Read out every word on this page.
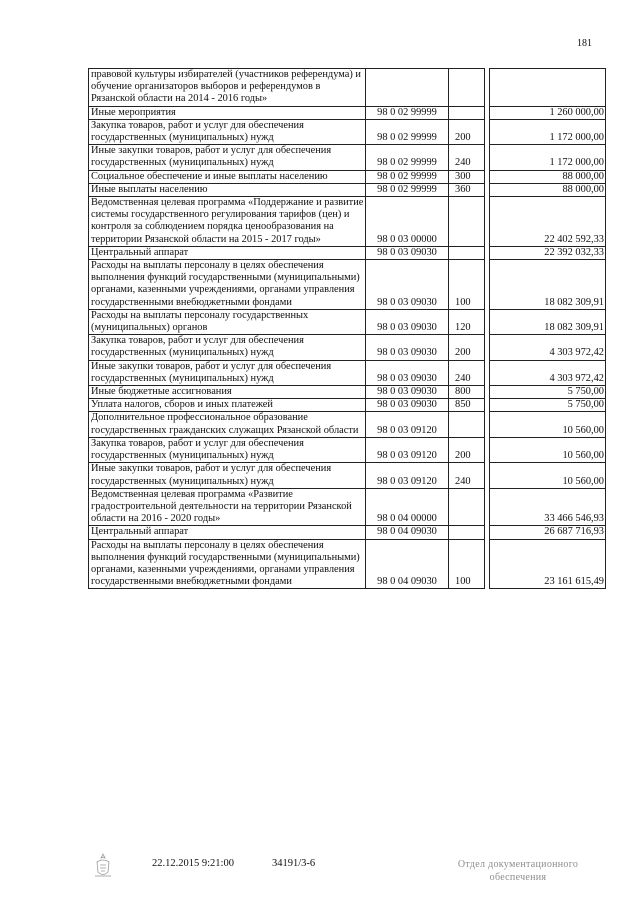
181
правовой культуры избирателей (участников референдума) и обучение организаторов выборов и референдумов в Рязанской области на 2014 - 2016 годы»				
Иные мероприятия	98 0 02 99999			1 260 000,00
Закупка товаров, работ и услуг для обеспечения государственных (муниципальных) нужд	98 0 02 99999	200		1 172 000,00
Иные закупки товаров, работ и услуг для обеспечения государственных (муниципальных) нужд	98 0 02 99999	240		1 172 000,00
Социальное обеспечение и иные выплаты населению	98 0 02 99999	300		88 000,00
Иные выплаты населению	98 0 02 99999	360		88 000,00
Ведомственная целевая программа «Поддержание и развитие системы государственного регулирования тарифов (цен) и контроля за соблюдением порядка ценообразования на территории Рязанской области на 2015 - 2017 годы»	98 0 03 00000			22 402 592,33
Центральный аппарат	98 0 03 09030			22 392 032,33
Расходы на выплаты персоналу в целях обеспечения выполнения функций государственными (муниципальными) органами, казенными учреждениями, органами управления государственными внебюджетными фондами	98 0 03 09030	100		18 082 309,91
Расходы на выплаты персоналу государственных (муниципальных) органов	98 0 03 09030	120		18 082 309,91
Закупка товаров, работ и услуг для обеспечения государственных (муниципальных) нужд	98 0 03 09030	200		4 303 972,42
Иные закупки товаров, работ и услуг для обеспечения государственных (муниципальных) нужд	98 0 03 09030	240		4 303 972,42
Иные бюджетные ассигнования	98 0 03 09030	800		5 750,00
Уплата налогов, сборов и иных платежей	98 0 03 09030	850		5 750,00
Дополнительное профессиональное образование государственных гражданских служащих Рязанской области	98 0 03 09120			10 560,00
Закупка товаров, работ и услуг для обеспечения государственных (муниципальных) нужд	98 0 03 09120	200		10 560,00
Иные закупки товаров, работ и услуг для обеспечения государственных (муниципальных) нужд	98 0 03 09120	240		10 560,00
Ведомственная целевая программа «Развитие градостроительной деятельности на территории Рязанской области на 2016 - 2020 годы»	98 0 04 00000			33 466 546,93
Центральный аппарат	98 0 04 09030			26 687 716,93
Расходы на выплаты персоналу в целях обеспечения выполнения функций государственными (муниципальными) органами, казенными учреждениями, органами управления государственными внебюджетными фондами	98 0 04 09030	100		23 161 615,49
22.12.2015 9:21:00	34191/3-6	Отдел документационного
обеспечения
